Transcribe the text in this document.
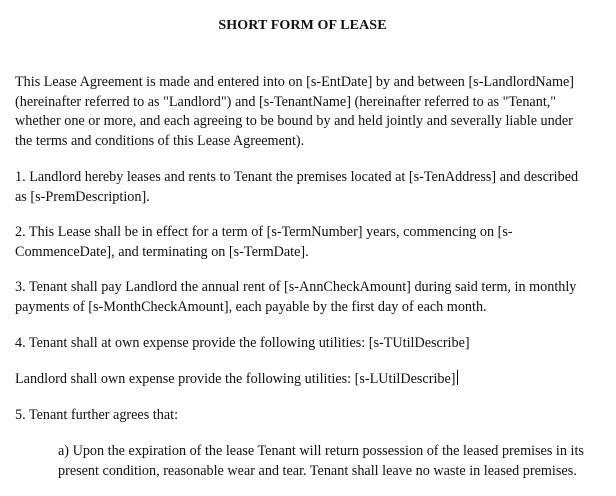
SHORT FORM OF LEASE

This Lease Agreement is made and entered into on [s-EntDate] by and between [s-LandlordName] (hereinafter referred to as "Landlord") and [s-TenantName] (hereinafter referred to as "Tenant," whether one or more, and each agreeing to be bound by and held jointly and severally liable under the terms and conditions of this Lease Agreement).

1. Landlord hereby leases and rents to Tenant the premises located at [s-TenAddress] and described as [s-PremDescription].

2. This Lease shall be in effect for a term of [s-TermNumber] years, commencing on [s-CommenceDate], and terminating on [s-TermDate].

3. Tenant shall pay Landlord the annual rent of [s-AnnCheckAmount] during said term, in monthly payments of [s-MonthCheckAmount], each payable by the first day of each month.

4. Tenant shall at own expense provide the following utilities: [s-TUtilDescribe]

Landlord shall own expense provide the following utilities: [s-LUtilDescribe]

5. Tenant further agrees that:

a) Upon the expiration of the lease Tenant will return possession of the leased premises in its present condition, reasonable wear and tear. Tenant shall leave no waste in leased premises.
